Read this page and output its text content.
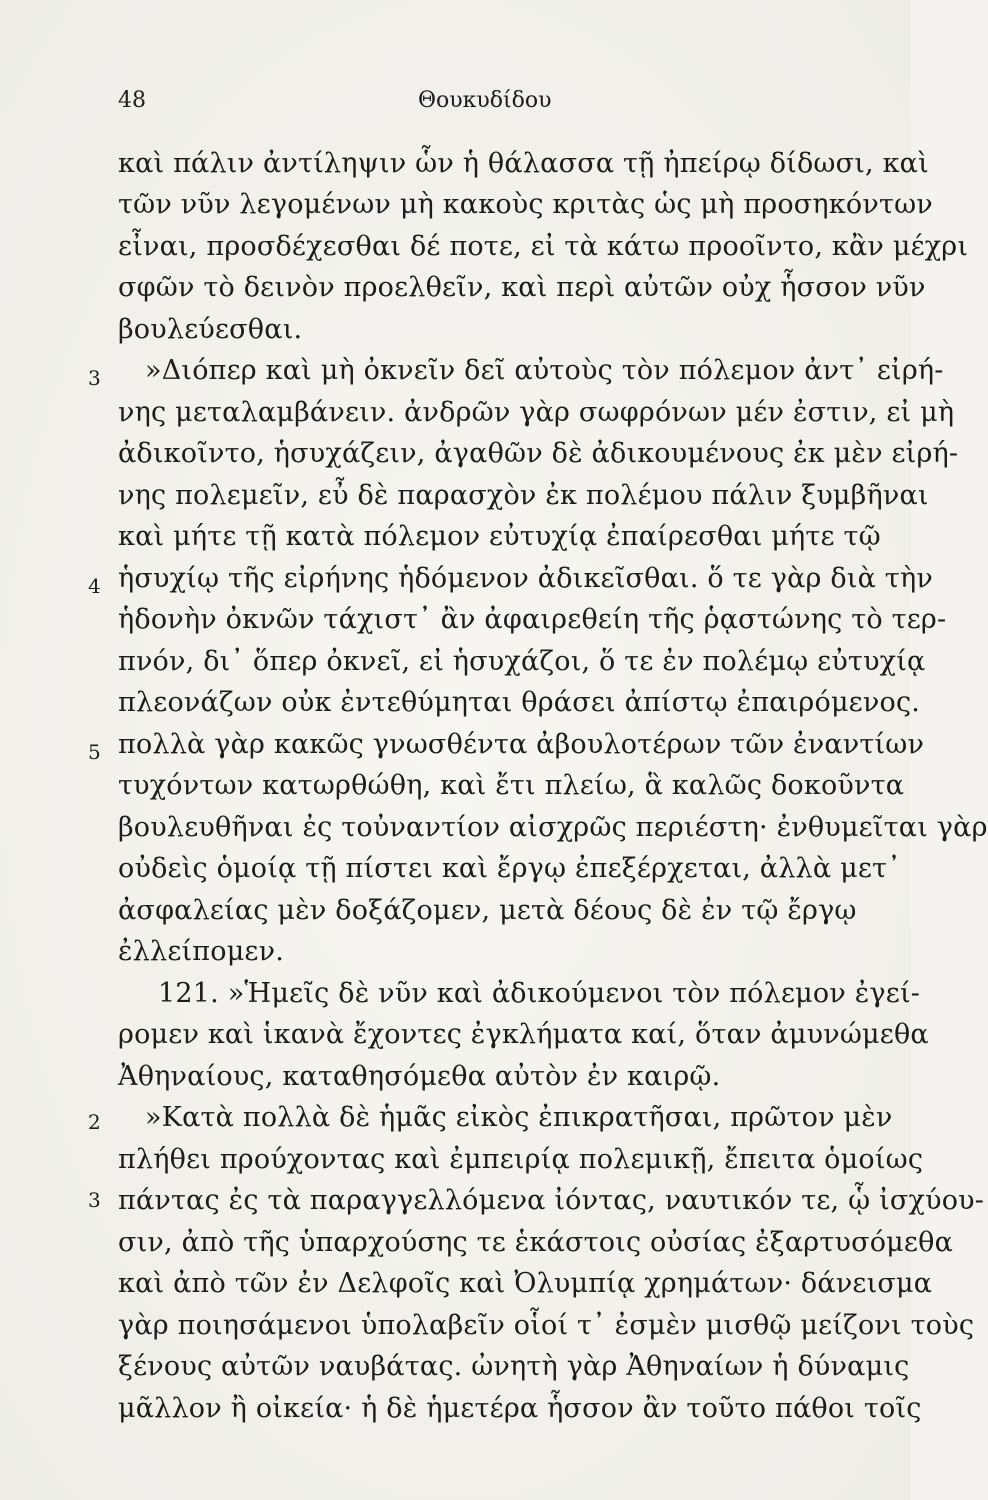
48	Θουκυδίδου
3
4
5
2
3
καὶ πάλιν ἀντίληψιν ὧν ἡ θάλασσα τῇ ἠπείρῳ δίδωσι, καὶ
τῶν νῦν λεγομένων μὴ κακοὺς κριτὰς ὡς μὴ προσηκόντων
εἶναι, προσδέχεσθαι δέ ποτε, εἰ τὰ κάτω προοῖντο, κἂν μέχρι
σφῶν τὸ δεινὸν προελθεῖν, καὶ περὶ αὐτῶν οὐχ ἧσσον νῦν
βουλεύεσθαι.
»Διόπερ καὶ μὴ ὀκνεῖν δεῖ αὐτοὺς τὸν πόλεμον ἀντ᾽ εἰρή-
νης μεταλαμβάνειν. ἀνδρῶν γὰρ σωφρόνων μέν ἐστιν, εἰ μὴ
ἀδικοῖντο, ἡσυχάζειν, ἀγαθῶν δὲ ἀδικουμένους ἐκ μὲν εἰρή-
νης πολεμεῖν, εὖ δὲ παρασχὸν ἐκ πολέμου πάλιν ξυμβῆναι
καὶ μήτε τῇ κατὰ πόλεμον εὐτυχίᾳ ἐπαίρεσθαι μήτε τῷ
ἡσυχίῳ τῆς εἰρήνης ἡδόμενον ἀδικεῖσθαι. ὅ τε γὰρ διὰ τὴν
ἡδονὴν ὀκνῶν τάχιστ᾽ ἂν ἀφαιρεθείη τῆς ῥᾳστώνης τὸ τερ-
πνόν, δι᾽ ὅπερ ὀκνεῖ, εἰ ἡσυχάζοι, ὅ τε ἐν πολέμῳ εὐτυχίᾳ
πλεονάζων οὐκ ἐντεθύμηται θράσει ἀπίστῳ ἐπαιρόμενος.
πολλὰ γὰρ κακῶς γνωσθέντα ἀβουλοτέρων τῶν ἐναντίων
τυχόντων κατωρθώθη, καὶ ἔτι πλείω, ἃ καλῶς δοκοῦντα
βουλευθῆναι ἐς τοὐναντίον αἰσχρῶς περιέστη· ἐνθυμεῖται γὰρ
οὐδεὶς ὁμοίᾳ τῇ πίστει καὶ ἔργῳ ἐπεξέρχεται, ἀλλὰ μετ᾽
ἀσφαλείας μὲν δοξάζομεν, μετὰ δέους δὲ ἐν τῷ ἔργῳ
ἐλλείπομεν.
121. »Ἡμεῖς δὲ νῦν καὶ ἀδικούμενοι τὸν πόλεμον ἐγεί-
ρομεν καὶ ἱκανὰ ἔχοντες ἐγκλήματα καί, ὅταν ἀμυνώμεθα
Ἀθηναίους, καταθησόμεθα αὐτὸν ἐν καιρῷ.
»Κατὰ πολλὰ δὲ ἡμᾶς εἰκὸς ἐπικρατῆσαι, πρῶτον μὲν
πλήθει προύχοντας καὶ ἐμπειρίᾳ πολεμικῇ, ἔπειτα ὁμοίως
πάντας ἐς τὰ παραγγελλόμενα ἰόντας, ναυτικόν τε, ᾧ ἰσχύου-
σιν, ἀπὸ τῆς ὑπαρχούσης τε ἑκάστοις οὐσίας ἐξαρτυσόμεθα
καὶ ἀπὸ τῶν ἐν Δελφοῖς καὶ Ὀλυμπίᾳ χρημάτων· δάνεισμα
γὰρ ποιησάμενοι ὑπολαβεῖν οἷοί τ᾽ ἐσμὲν μισθῷ μείζονι τοὺς
ξένους αὐτῶν ναυβάτας. ὠνητὴ γὰρ Ἀθηναίων ἡ δύναμις
μᾶλλον ἢ οἰκεία· ἡ δὲ ἡμετέρα ἧσσον ἂν τοῦτο πάθοι τοῖς
